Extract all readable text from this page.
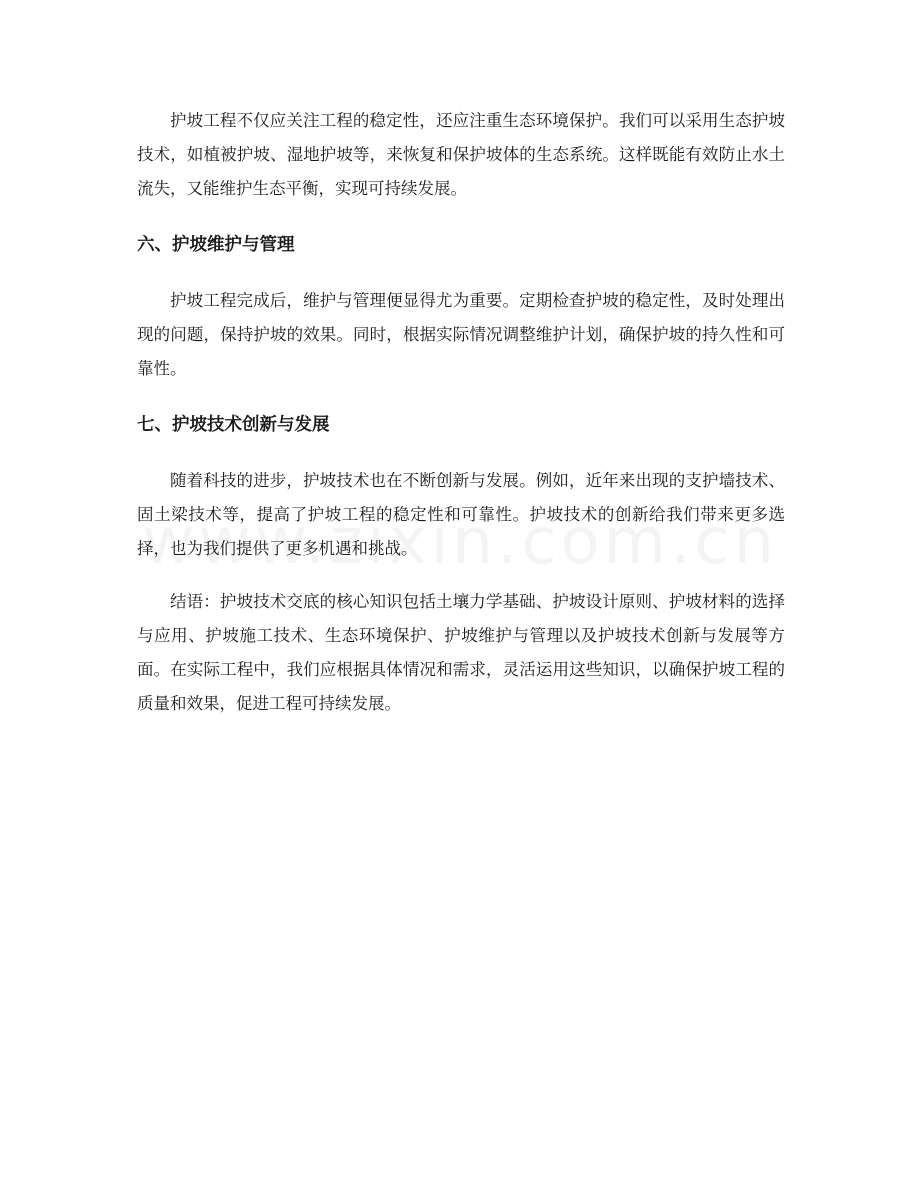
护坡工程不仅应关注工程的稳定性，还应注重生态环境保护。我们可以采用生态护坡技术，如植被护坡、湿地护坡等，来恢复和保护坡体的生态系统。这样既能有效防止水土流失，又能维护生态平衡，实现可持续发展。

六、护坡维护与管理

护坡工程完成后，维护与管理便显得尤为重要。定期检查护坡的稳定性，及时处理出现的问题，保持护坡的效果。同时，根据实际情况调整维护计划，确保护坡的持久性和可靠性。

七、护坡技术创新与发展

随着科技的进步，护坡技术也在不断创新与发展。例如，近年来出现的支护墙技术、固土梁技术等，提高了护坡工程的稳定性和可靠性。护坡技术的创新给我们带来更多选择，也为我们提供了更多机遇和挑战。

结语：护坡技术交底的核心知识包括土壤力学基础、护坡设计原则、护坡材料的选择与应用、护坡施工技术、生态环境保护、护坡维护与管理以及护坡技术创新与发展等方面。在实际工程中，我们应根据具体情况和需求，灵活运用这些知识，以确保护坡工程的质量和效果，促进工程可持续发展。
